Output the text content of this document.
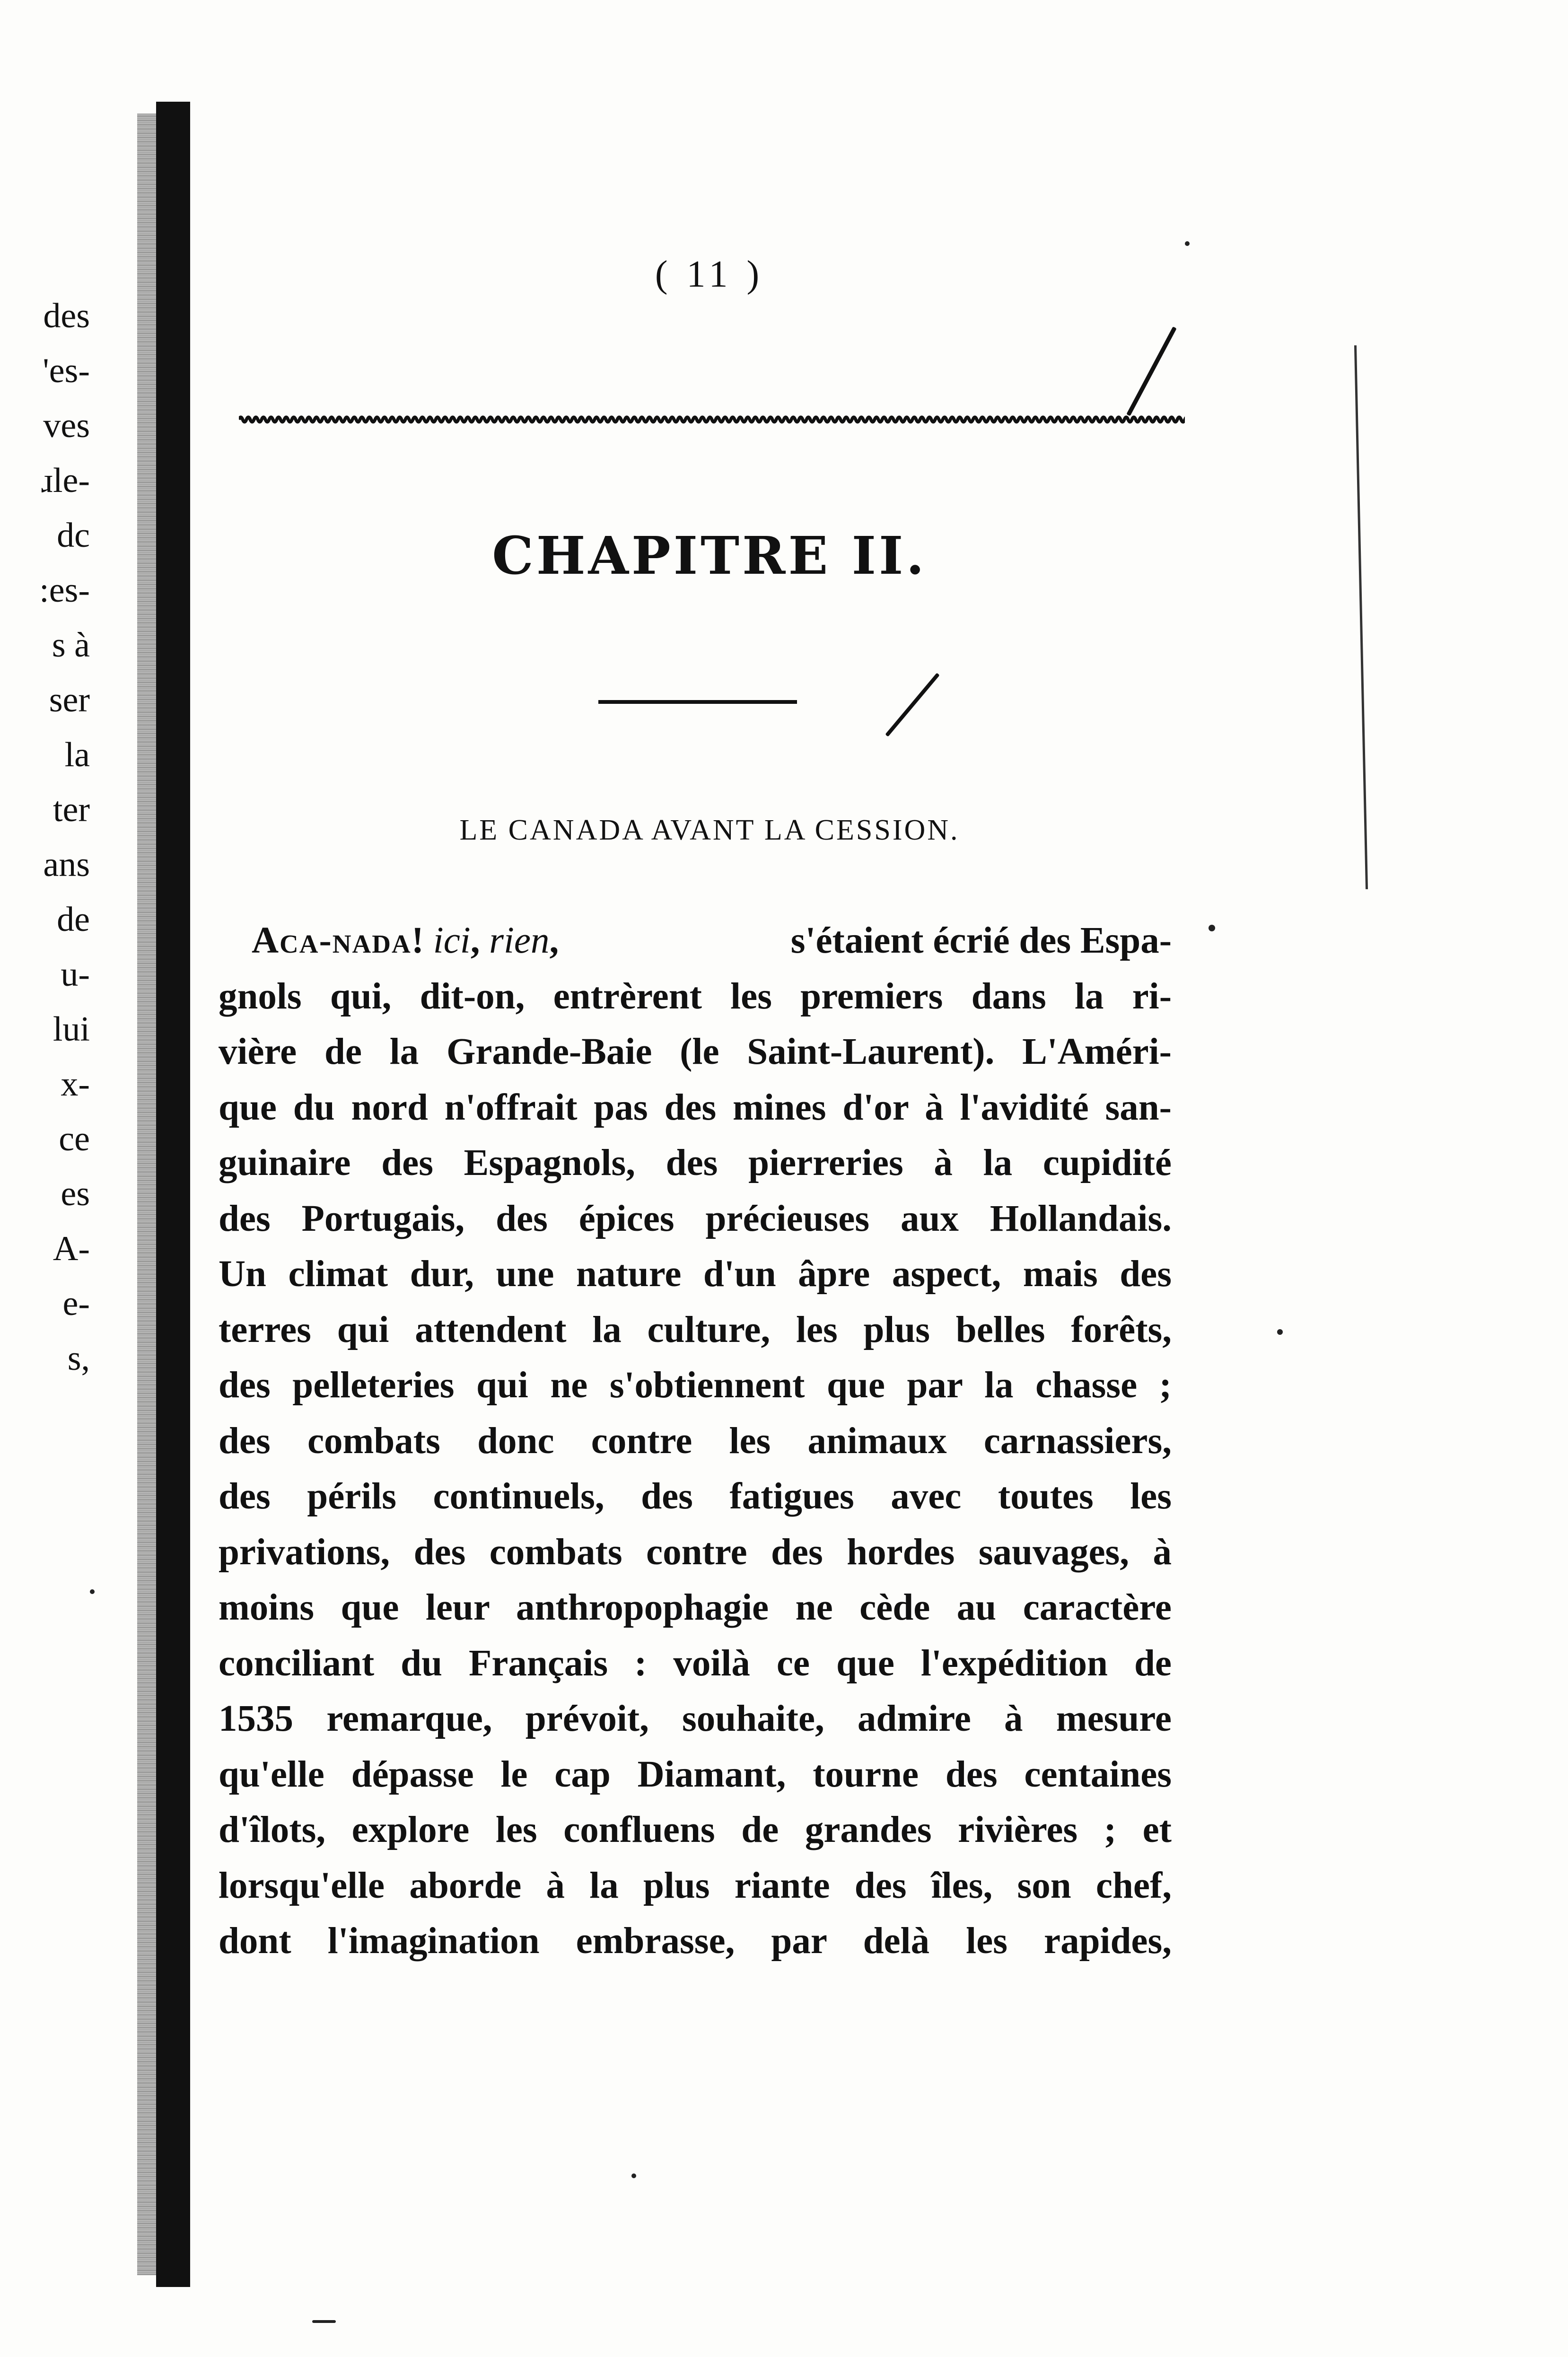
des
'es-
ves
ɹle-
dc
:es-
s à
ser
la
ter
ans
de
u-
lui
x-
ce
es
A-
e-
s,
( 11 )
CHAPITRE II.
LE CANADA AVANT LA CESSION.
Aca-nada! ici, rien,	s'étaient écrié des Espa-
gnols qui, dit-on, entrèrent les premiers dans la ri-
vière de la Grande-Baie (le Saint-Laurent). L'Améri-
que du nord n'offrait pas des mines d'or à l'avidité san-
guinaire des Espagnols, des pierreries à la cupidité
des Portugais, des épices précieuses aux Hollandais.
Un climat dur, une nature d'un âpre aspect, mais des
terres qui attendent la culture, les plus belles forêts,
des pelleteries qui ne s'obtiennent que par la chasse ;
des combats donc contre les animaux carnassiers,
des périls continuels, des fatigues avec toutes les
privations, des combats contre des hordes sauvages, à
moins que leur anthropophagie ne cède au caractère
conciliant du Français : voilà ce que l'expédition de
1535 remarque, prévoit, souhaite, admire à mesure
qu'elle dépasse le cap Diamant, tourne des centaines
d'îlots, explore les confluens de grandes rivières ; et
lorsqu'elle aborde à la plus riante des îles, son chef,
dont l'imagination embrasse, par delà les rapides,
